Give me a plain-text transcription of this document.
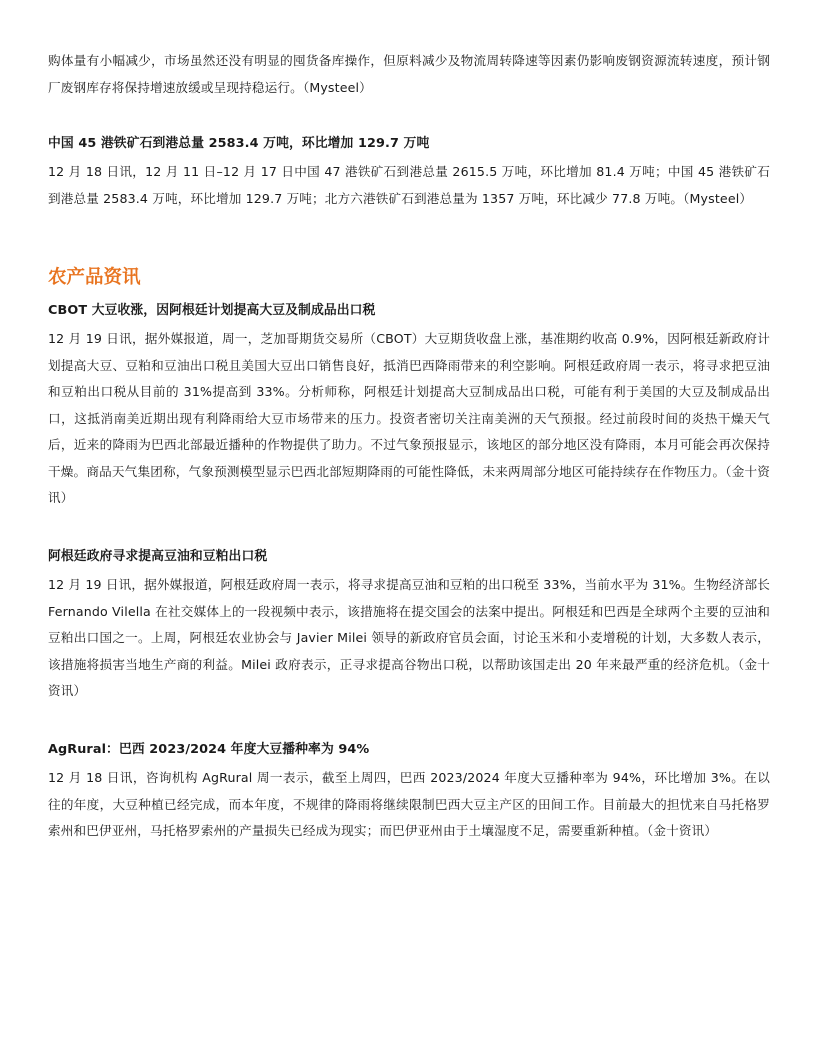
购体量有小幅减少，市场虽然还没有明显的囤货备库操作，但原料减少及物流周转降速等因素仍影响废钢资源流转速度，预计钢厂废钢库存将保持增速放缓或呈现持稳运行。（Mysteel）

中国 45 港铁矿石到港总量 2583.4 万吨，环比增加 129.7 万吨

12 月 18 日讯，12 月 11 日–12 月 17 日中国 47 港铁矿石到港总量 2615.5 万吨，环比增加 81.4 万吨；中国 45 港铁矿石到港总量 2583.4 万吨，环比增加 129.7 万吨；北方六港铁矿石到港总量为 1357 万吨，环比减少 77.8 万吨。（Mysteel）

农产品资讯

CBOT 大豆收涨，因阿根廷计划提高大豆及制成品出口税

12 月 19 日讯，据外媒报道，周一，芝加哥期货交易所（CBOT）大豆期货收盘上涨，基准期约收高 0.9%，因阿根廷新政府计划提高大豆、豆粕和豆油出口税且美国大豆出口销售良好，抵消巴西降雨带来的利空影响。阿根廷政府周一表示，将寻求把豆油和豆粕出口税从目前的 31%提高到 33%。分析师称，阿根廷计划提高大豆制成品出口税，可能有利于美国的大豆及制成品出口，这抵消南美近期出现有利降雨给大豆市场带来的压力。投资者密切关注南美洲的天气预报。经过前段时间的炎热干燥天气后，近来的降雨为巴西北部最近播种的作物提供了助力。不过气象预报显示，该地区的部分地区没有降雨，本月可能会再次保持干燥。商品天气集团称，气象预测模型显示巴西北部短期降雨的可能性降低，未来两周部分地区可能持续存在作物压力。（金十资讯）

阿根廷政府寻求提高豆油和豆粕出口税

12 月 19 日讯，据外媒报道，阿根廷政府周一表示，将寻求提高豆油和豆粕的出口税至 33%，当前水平为 31%。生物经济部长 Fernando Vilella 在社交媒体上的一段视频中表示，该措施将在提交国会的法案中提出。阿根廷和巴西是全球两个主要的豆油和豆粕出口国之一。上周，阿根廷农业协会与 Javier Milei 领导的新政府官员会面，讨论玉米和小麦增税的计划，大多数人表示，该措施将损害当地生产商的利益。Milei 政府表示，正寻求提高谷物出口税，以帮助该国走出 20 年来最严重的经济危机。（金十资讯）

AgRural：巴西 2023/2024 年度大豆播种率为 94%

12 月 18 日讯，咨询机构 AgRural 周一表示，截至上周四，巴西 2023/2024 年度大豆播种率为 94%，环比增加 3%。在以往的年度，大豆种植已经完成，而本年度，不规律的降雨将继续限制巴西大豆主产区的田间工作。目前最大的担忧来自马托格罗索州和巴伊亚州，马托格罗索州的产量损失已经成为现实；而巴伊亚州由于土壤湿度不足，需要重新种植。（金十资讯）
